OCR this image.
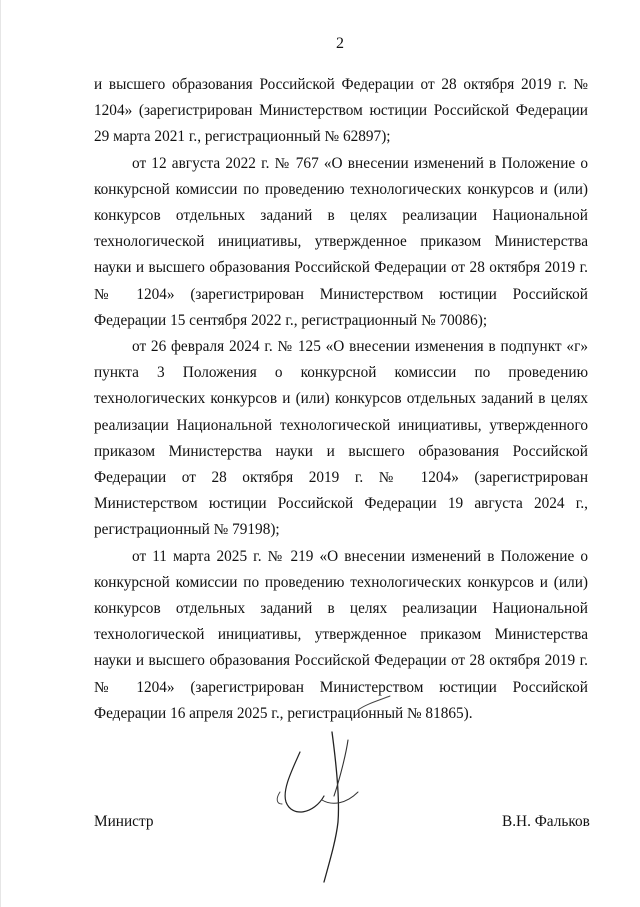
2

и высшего образования Российской Федерации от 28 октября 2019 г. № 1204» (зарегистрирован Министерством юстиции Российской Федерации 29 марта 2021 г., регистрационный № 62897);

от 12 августа 2022 г. № 767 «О внесении изменений в Положение о конкурсной комиссии по проведению технологических конкурсов и (или) конкурсов отдельных заданий в целях реализации Национальной технологической инициативы, утвержденное приказом Министерства науки и высшего образования Российской Федерации от 28 октября 2019 г. № 1204» (зарегистрирован Министерством юстиции Российской Федерации 15 сентября 2022 г., регистрационный № 70086);

от 26 февраля 2024 г. № 125 «О внесении изменения в подпункт «г» пункта 3 Положения о конкурсной комиссии по проведению технологических конкурсов и (или) конкурсов отдельных заданий в целях реализации Национальной технологической инициативы, утвержденного приказом Министерства науки и высшего образования Российской Федерации от 28 октября 2019 г. № 1204» (зарегистрирован Министерством юстиции Российской Федерации 19 августа 2024 г., регистрационный № 79198);

от 11 марта 2025 г. № 219 «О внесении изменений в Положение о конкурсной комиссии по проведению технологических конкурсов и (или) конкурсов отдельных заданий в целях реализации Национальной технологической инициативы, утвержденное приказом Министерства науки и высшего образования Российской Федерации от 28 октября 2019 г. № 1204» (зарегистрирован Министерством юстиции Российской Федерации 16 апреля 2025 г., регистрационный № 81865).

Министр	В.Н. Фальков
